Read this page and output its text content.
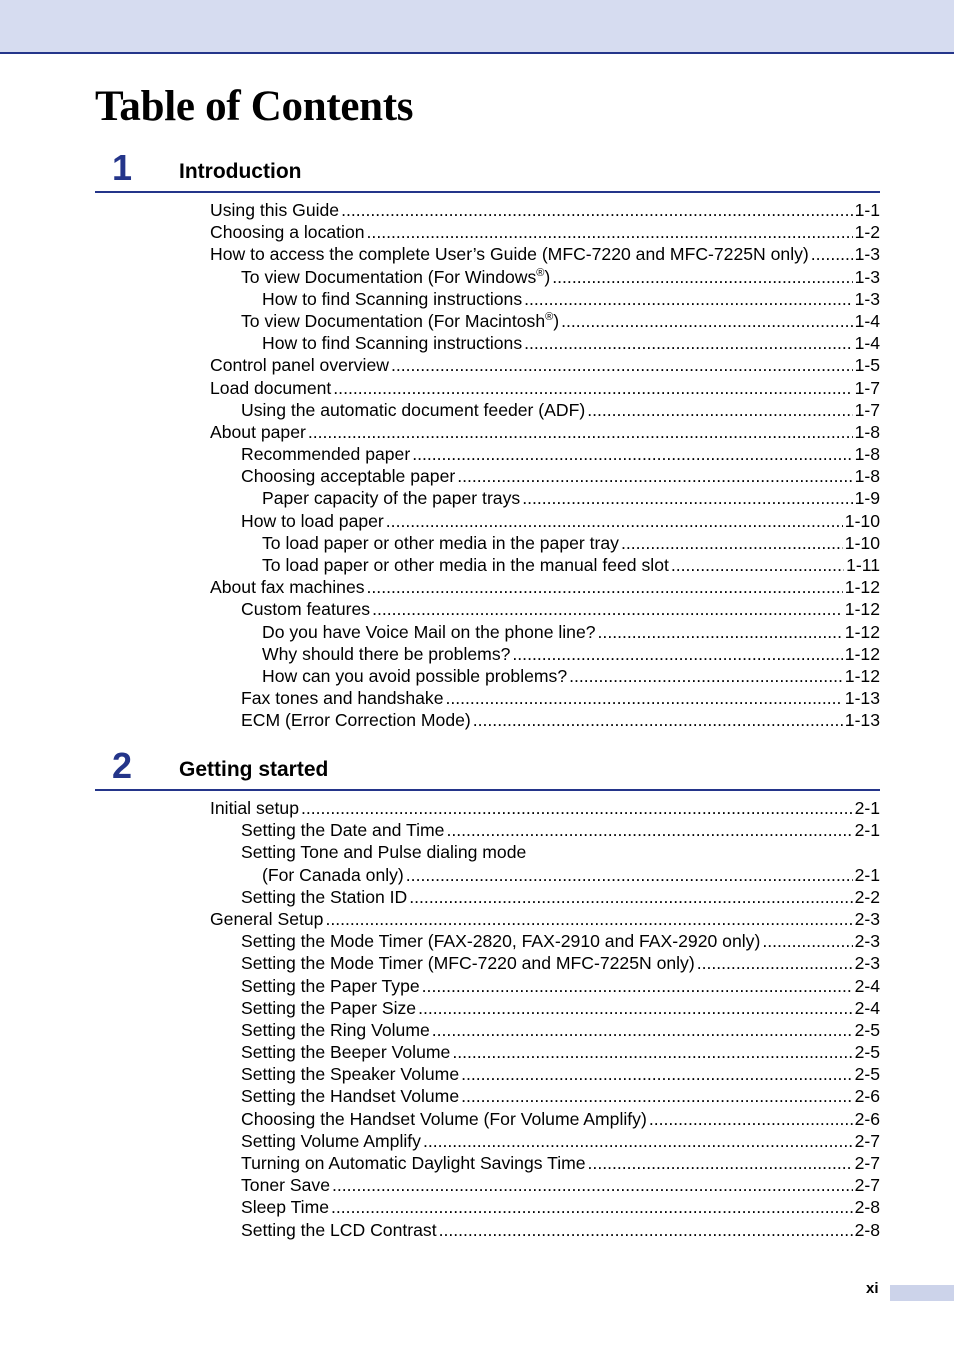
Table of Contents
1 Introduction
Using this Guide .....	1-1
Choosing a location .....	1-2
How to access the complete User’s Guide (MFC-7220 and MFC-7225N only) .....	1-3
To view Documentation (For Windows®) .....	1-3
How to find Scanning instructions .....	1-3
To view Documentation (For Macintosh®) .....	1-4
How to find Scanning instructions .....	1-4
Control panel overview .....	1-5
Load document .....	1-7
Using the automatic document feeder (ADF) .....	1-7
About paper .....	1-8
Recommended paper .....	1-8
Choosing acceptable paper .....	1-8
Paper capacity of the paper trays .....	1-9
How to load paper .....	1-10
To load paper or other media in the paper tray .....	1-10
To load paper or other media in the manual feed slot .....	1-11
About fax machines .....	1-12
Custom features .....	1-12
Do you have Voice Mail on the phone line? .....	1-12
Why should there be problems? .....	1-12
How can you avoid possible problems? .....	1-12
Fax tones and handshake .....	1-13
ECM (Error Correction Mode) .....	1-13
2 Getting started
Initial setup .....	2-1
Setting the Date and Time .....	2-1
Setting Tone and Pulse dialing mode
(For Canada only) .....	2-1
Setting the Station ID .....	2-2
General Setup .....	2-3
Setting the Mode Timer (FAX-2820, FAX-2910 and FAX-2920 only) .....	2-3
Setting the Mode Timer (MFC-7220 and MFC-7225N only) .....	2-3
Setting the Paper Type .....	2-4
Setting the Paper Size .....	2-4
Setting the Ring Volume .....	2-5
Setting the Beeper Volume .....	2-5
Setting the Speaker Volume .....	2-5
Setting the Handset Volume .....	2-6
Choosing the Handset Volume (For Volume Amplify) .....	2-6
Setting Volume Amplify .....	2-7
Turning on Automatic Daylight Savings Time .....	2-7
Toner Save .....	2-7
Sleep Time .....	2-8
Setting the LCD Contrast .....	2-8
xi
